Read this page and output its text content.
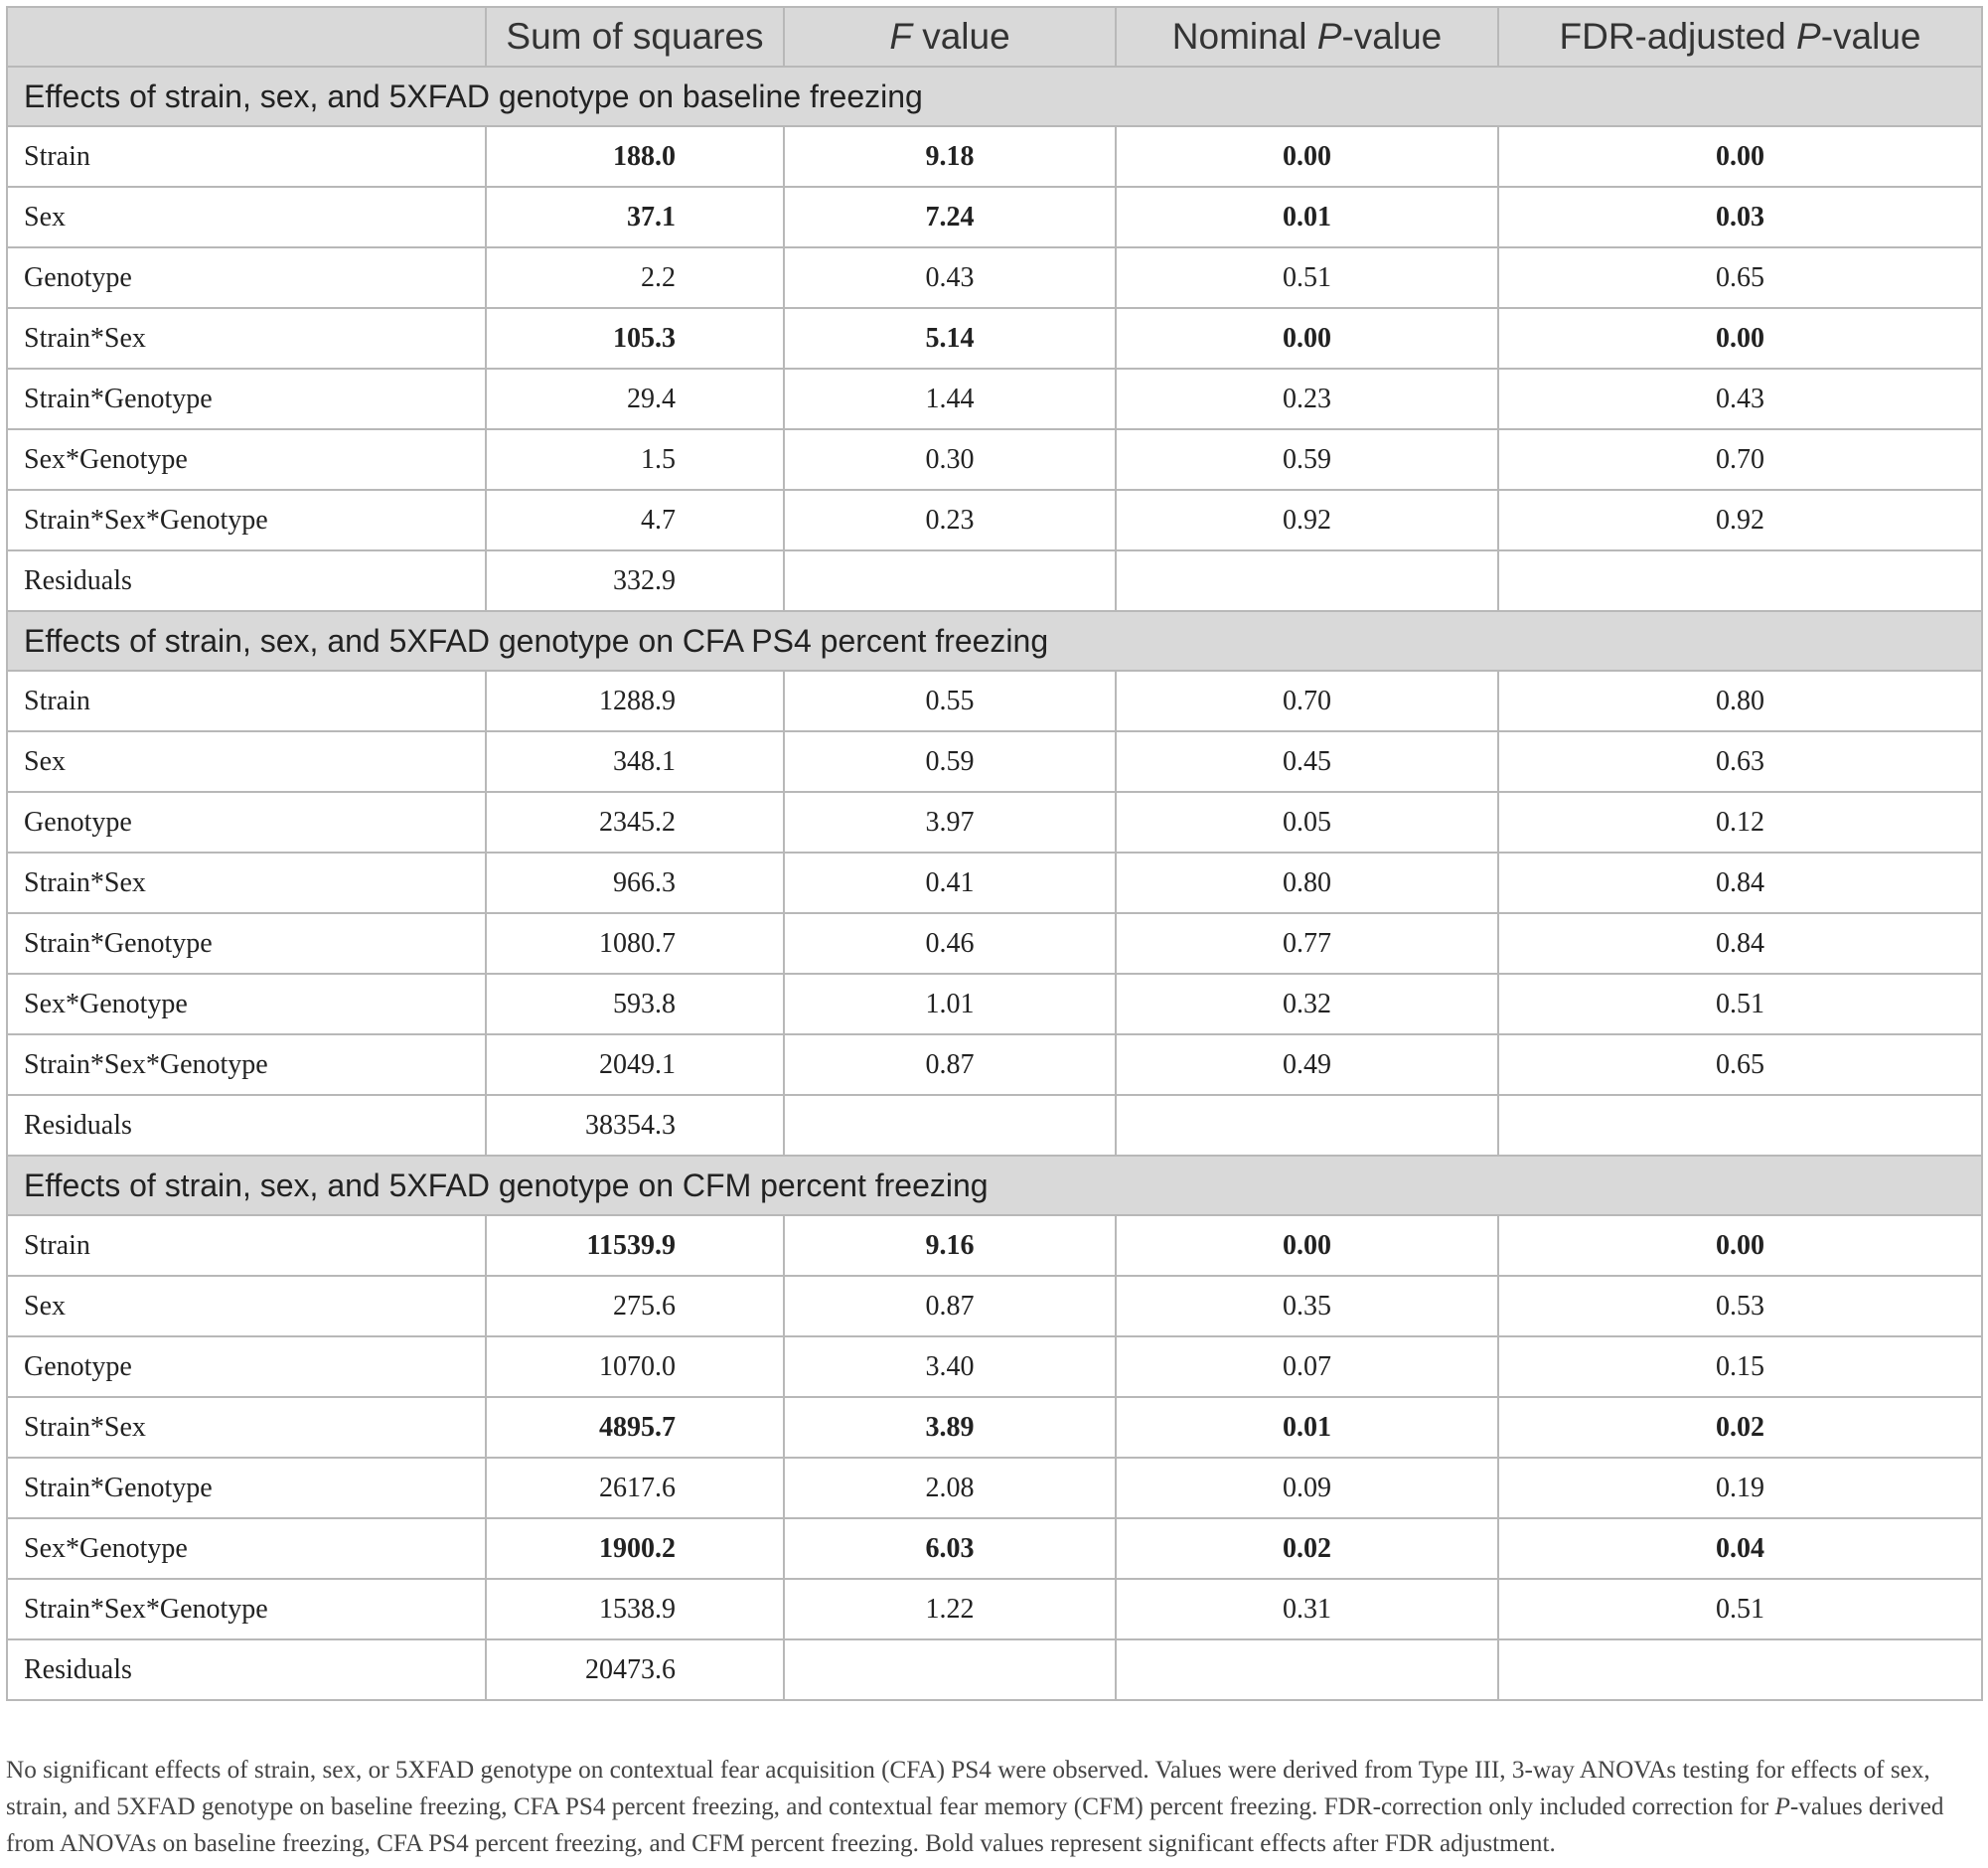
	Sum of squares	F value	Nominal P-value	FDR-adjusted P-value
Effects of strain, sex, and 5XFAD genotype on baseline freezing				
Strain	188.0	9.18	0.00	0.00
Sex	37.1	7.24	0.01	0.03
Genotype	2.2	0.43	0.51	0.65
Strain*Sex	105.3	5.14	0.00	0.00
Strain*Genotype	29.4	1.44	0.23	0.43
Sex*Genotype	1.5	0.30	0.59	0.70
Strain*Sex*Genotype	4.7	0.23	0.92	0.92
Residuals	332.9			
Effects of strain, sex, and 5XFAD genotype on CFA PS4 percent freezing				
Strain	1288.9	0.55	0.70	0.80
Sex	348.1	0.59	0.45	0.63
Genotype	2345.2	3.97	0.05	0.12
Strain*Sex	966.3	0.41	0.80	0.84
Strain*Genotype	1080.7	0.46	0.77	0.84
Sex*Genotype	593.8	1.01	0.32	0.51
Strain*Sex*Genotype	2049.1	0.87	0.49	0.65
Residuals	38354.3			
Effects of strain, sex, and 5XFAD genotype on CFM percent freezing				
Strain	11539.9	9.16	0.00	0.00
Sex	275.6	0.87	0.35	0.53
Genotype	1070.0	3.40	0.07	0.15
Strain*Sex	4895.7	3.89	0.01	0.02
Strain*Genotype	2617.6	2.08	0.09	0.19
Sex*Genotype	1900.2	6.03	0.02	0.04
Strain*Sex*Genotype	1538.9	1.22	0.31	0.51
Residuals	20473.6			

No significant effects of strain, sex, or 5XFAD genotype on contextual fear acquisition (CFA) PS4 were observed. Values were derived from Type III, 3-way ANOVAs testing for effects of sex, strain, and 5XFAD genotype on baseline freezing, CFA PS4 percent freezing, and contextual fear memory (CFM) percent freezing. FDR-correction only included correction for P-values derived from ANOVAs on baseline freezing, CFA PS4 percent freezing, and CFM percent freezing. Bold values represent significant effects after FDR adjustment.
